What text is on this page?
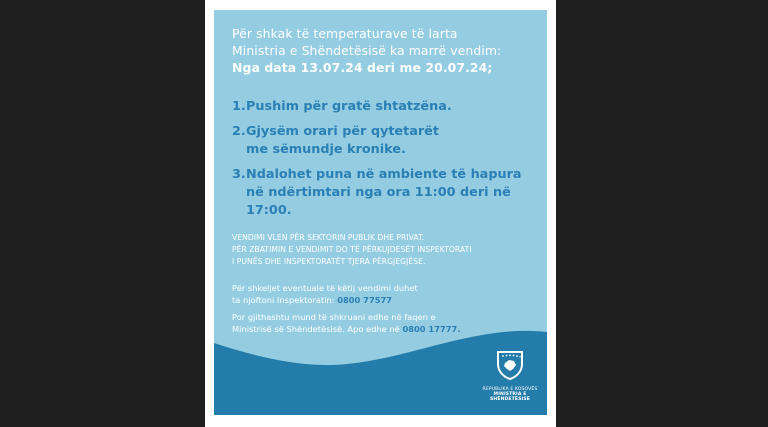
Për shkak të temperaturave të larta
Ministria e Shëndetësisë ka marrë vendim:
Nga data 13.07.24 deri me 20.07.24;
1. Pushim për gratë shtatzëna.
2. Gjysëm orari për qytetarët
me sëmundje kronike.
3. Ndalohet puna në ambiente të hapura
në ndërtimtari nga ora 11:00 deri në 17:00.
VENDIMI VLEN PËR SEKTORIN PUBLIK DHE PRIVAT.
PËR ZBATIMIN E VENDIMIT DO TË PËRKUJDESËT INSPEKTORATI
I PUNËS DHE INSPEKTORATËT TJERA PËRGJEGJËSE.

Për shkeljet eventuale të këtij vendimi duhet
ta njoftoni Inspektoratin: 0800 77577

Por gjithashtu mund të shkruani edhe në faqen e
Ministrisë së Shëndetësisë. Apo edhe në 0800 17777.

REPUBLIKA E KOSOVËS
MINISTRIA E SHËNDETËSISË
